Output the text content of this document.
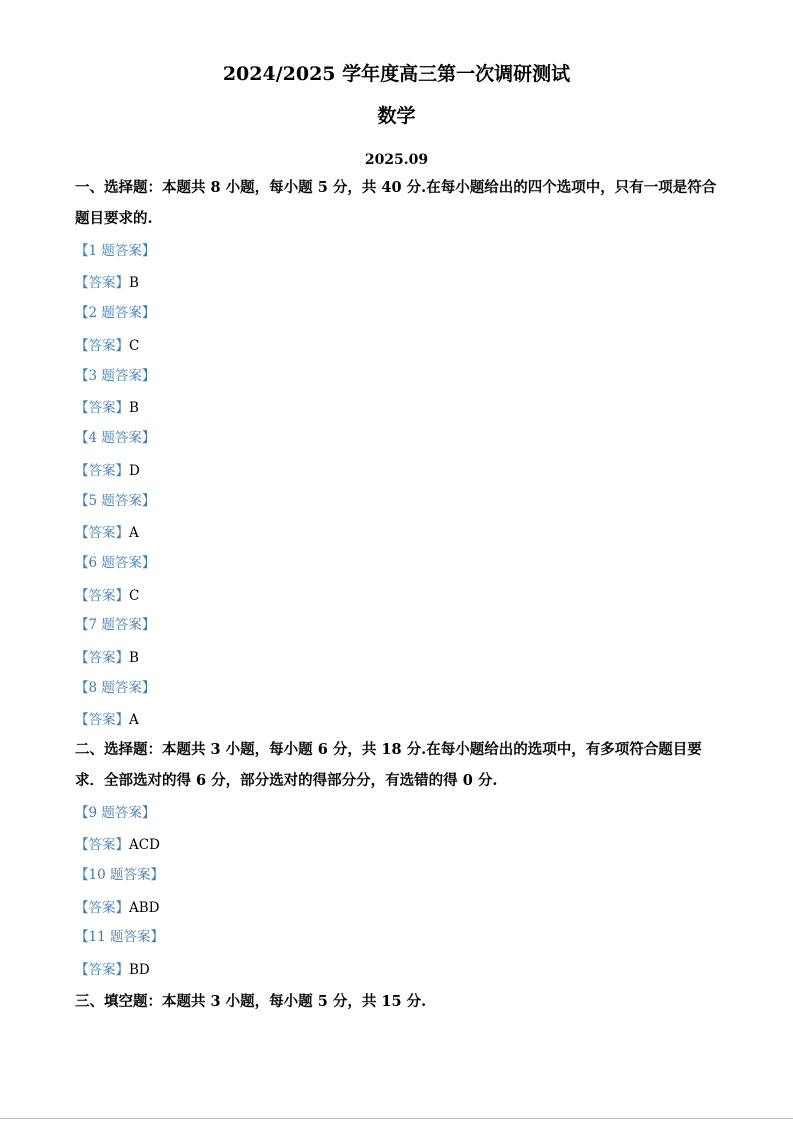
2024/2025 学年度高三第一次调研测试
数学
2025.09
一、选择题：本题共 8 小题，每小题 5 分，共 40 分.在每小题给出的四个选项中，只有一项是符合题目要求的.
【1 题答案】
【答案】B
【2 题答案】
【答案】C
【3 题答案】
【答案】B
【4 题答案】
【答案】D
【5 题答案】
【答案】A
【6 题答案】
【答案】C
【7 题答案】
【答案】B
【8 题答案】
【答案】A
二、选择题：本题共 3 小题，每小题 6 分，共 18 分.在每小题给出的选项中，有多项符合题目要求．全部选对的得 6 分，部分选对的得部分分，有选错的得 0 分.
【9 题答案】
【答案】ACD
【10 题答案】
【答案】ABD
【11 题答案】
【答案】BD
三、填空题：本题共 3 小题，每小题 5 分，共 15 分.
